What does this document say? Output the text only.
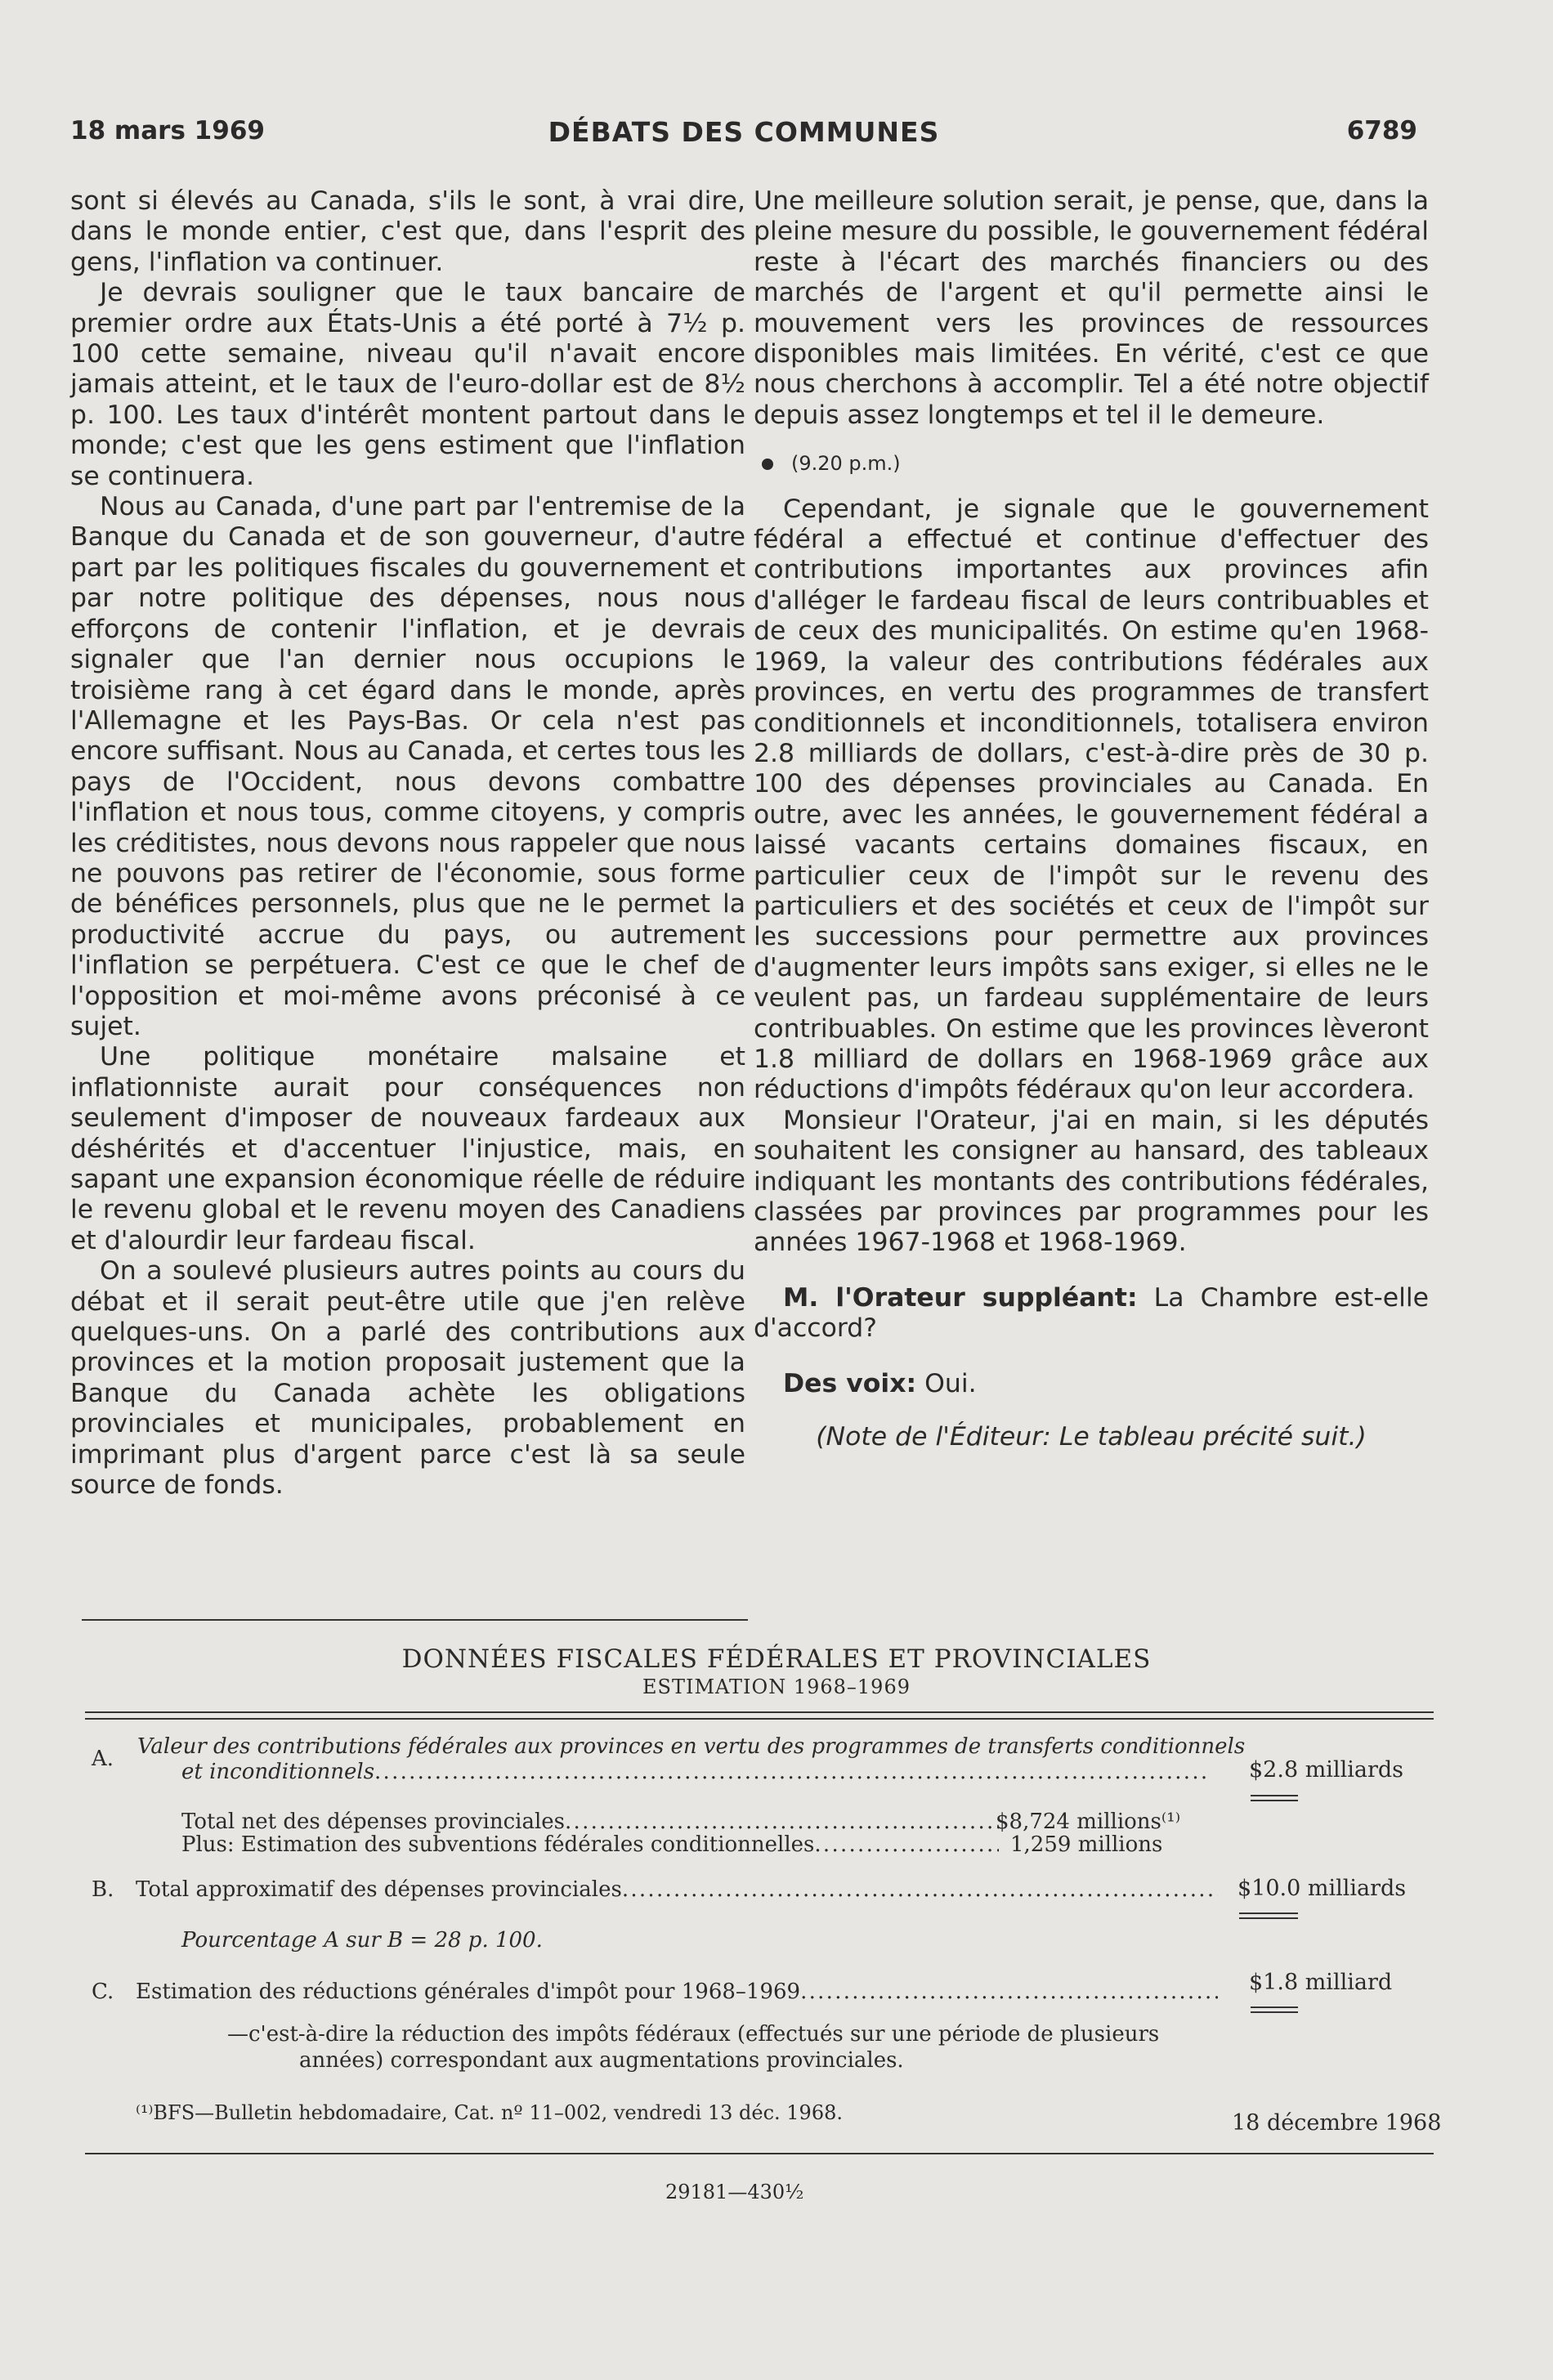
18 mars 1969	DÉBATS DES COMMUNES	6789

sont si élevés au Canada, s'ils le sont, à vrai dire, dans le monde entier, c'est que, dans l'esprit des gens, l'inflation va continuer.

Je devrais souligner que le taux bancaire de premier ordre aux États-Unis a été porté à 7½ p. 100 cette semaine, niveau qu'il n'avait encore jamais atteint, et le taux de l'euro-dollar est de 8½ p. 100. Les taux d'intérêt montent partout dans le monde; c'est que les gens estiment que l'inflation se continuera.

Nous au Canada, d'une part par l'entremise de la Banque du Canada et de son gouverneur, d'autre part par les politiques fiscales du gouvernement et par notre politique des dépenses, nous nous efforçons de contenir l'inflation, et je devrais signaler que l'an dernier nous occupions le troisième rang à cet égard dans le monde, après l'Allemagne et les Pays-Bas. Or cela n'est pas encore suffisant. Nous au Canada, et certes tous les pays de l'Occident, nous devons combattre l'inflation et nous tous, comme citoyens, y compris les créditistes, nous devons nous rappeler que nous ne pouvons pas retirer de l'économie, sous forme de bénéfices personnels, plus que ne le permet la productivité accrue du pays, ou autrement l'inflation se perpétuera. C'est ce que le chef de l'opposition et moi-même avons préconisé à ce sujet.

Une politique monétaire malsaine et inflationniste aurait pour conséquences non seulement d'imposer de nouveaux fardeaux aux déshérités et d'accentuer l'injustice, mais, en sapant une expansion économique réelle de réduire le revenu global et le revenu moyen des Canadiens et d'alourdir leur fardeau fiscal.

On a soulevé plusieurs autres points au cours du débat et il serait peut-être utile que j'en relève quelques-uns. On a parlé des contributions aux provinces et la motion proposait justement que la Banque du Canada achète les obligations provinciales et municipales, probablement en imprimant plus d'argent parce c'est là sa seule source de fonds.

Une meilleure solution serait, je pense, que, dans la pleine mesure du possible, le gouvernement fédéral reste à l'écart des marchés financiers ou des marchés de l'argent et qu'il permette ainsi le mouvement vers les provinces de ressources disponibles mais limitées. En vérité, c'est ce que nous cherchons à accomplir. Tel a été notre objectif depuis assez longtemps et tel il le demeure.

(9.20 p.m.)

Cependant, je signale que le gouvernement fédéral a effectué et continue d'effectuer des contributions importantes aux provinces afin d'alléger le fardeau fiscal de leurs contribuables et de ceux des municipalités. On estime qu'en 1968-1969, la valeur des contributions fédérales aux provinces, en vertu des programmes de transfert conditionnels et inconditionnels, totalisera environ 2.8 milliards de dollars, c'est-à-dire près de 30 p. 100 des dépenses provinciales au Canada. En outre, avec les années, le gouvernement fédéral a laissé vacants certains domaines fiscaux, en particulier ceux de l'impôt sur le revenu des particuliers et des sociétés et ceux de l'impôt sur les successions pour permettre aux provinces d'augmenter leurs impôts sans exiger, si elles ne le veulent pas, un fardeau supplémentaire de leurs contribuables. On estime que les provinces lèveront 1.8 milliard de dollars en 1968-1969 grâce aux réductions d'impôts fédéraux qu'on leur accordera.

Monsieur l'Orateur, j'ai en main, si les députés souhaitent les consigner au hansard, des tableaux indiquant les montants des contributions fédérales, classées par provinces par programmes pour les années 1967-1968 et 1968-1969.

M. l'Orateur suppléant: La Chambre est-elle d'accord?

Des voix: Oui.

(Note de l'Éditeur: Le tableau précité suit.)

DONNÉES FISCALES FÉDÉRALES ET PROVINCIALES
ESTIMATION 1968–1969
A. Valeur des contributions fédérales aux provinces en vertu des programmes de transferts conditionnels
et inconditionnels . . .	$2.8 milliards
Total net des dépenses provinciales . . .	$8,724 millions⁽¹⁾
Plus: Estimation des subventions fédérales conditionnelles . . .	1,259 millions
B. Total approximatif des dépenses provinciales . . .	$10.0 milliards
Pourcentage A sur B = 28 p. 100.
C. Estimation des réductions générales d'impôt pour 1968–1969 . . .	$1.8 milliard
—c'est-à-dire la réduction des impôts fédéraux (effectués sur une période de plusieurs
années) correspondant aux augmentations provinciales.
⁽¹⁾BFS—Bulletin hebdomadaire, Cat. nº 11–002, vendredi 13 déc. 1968.	18 décembre 1968
29181—430½
